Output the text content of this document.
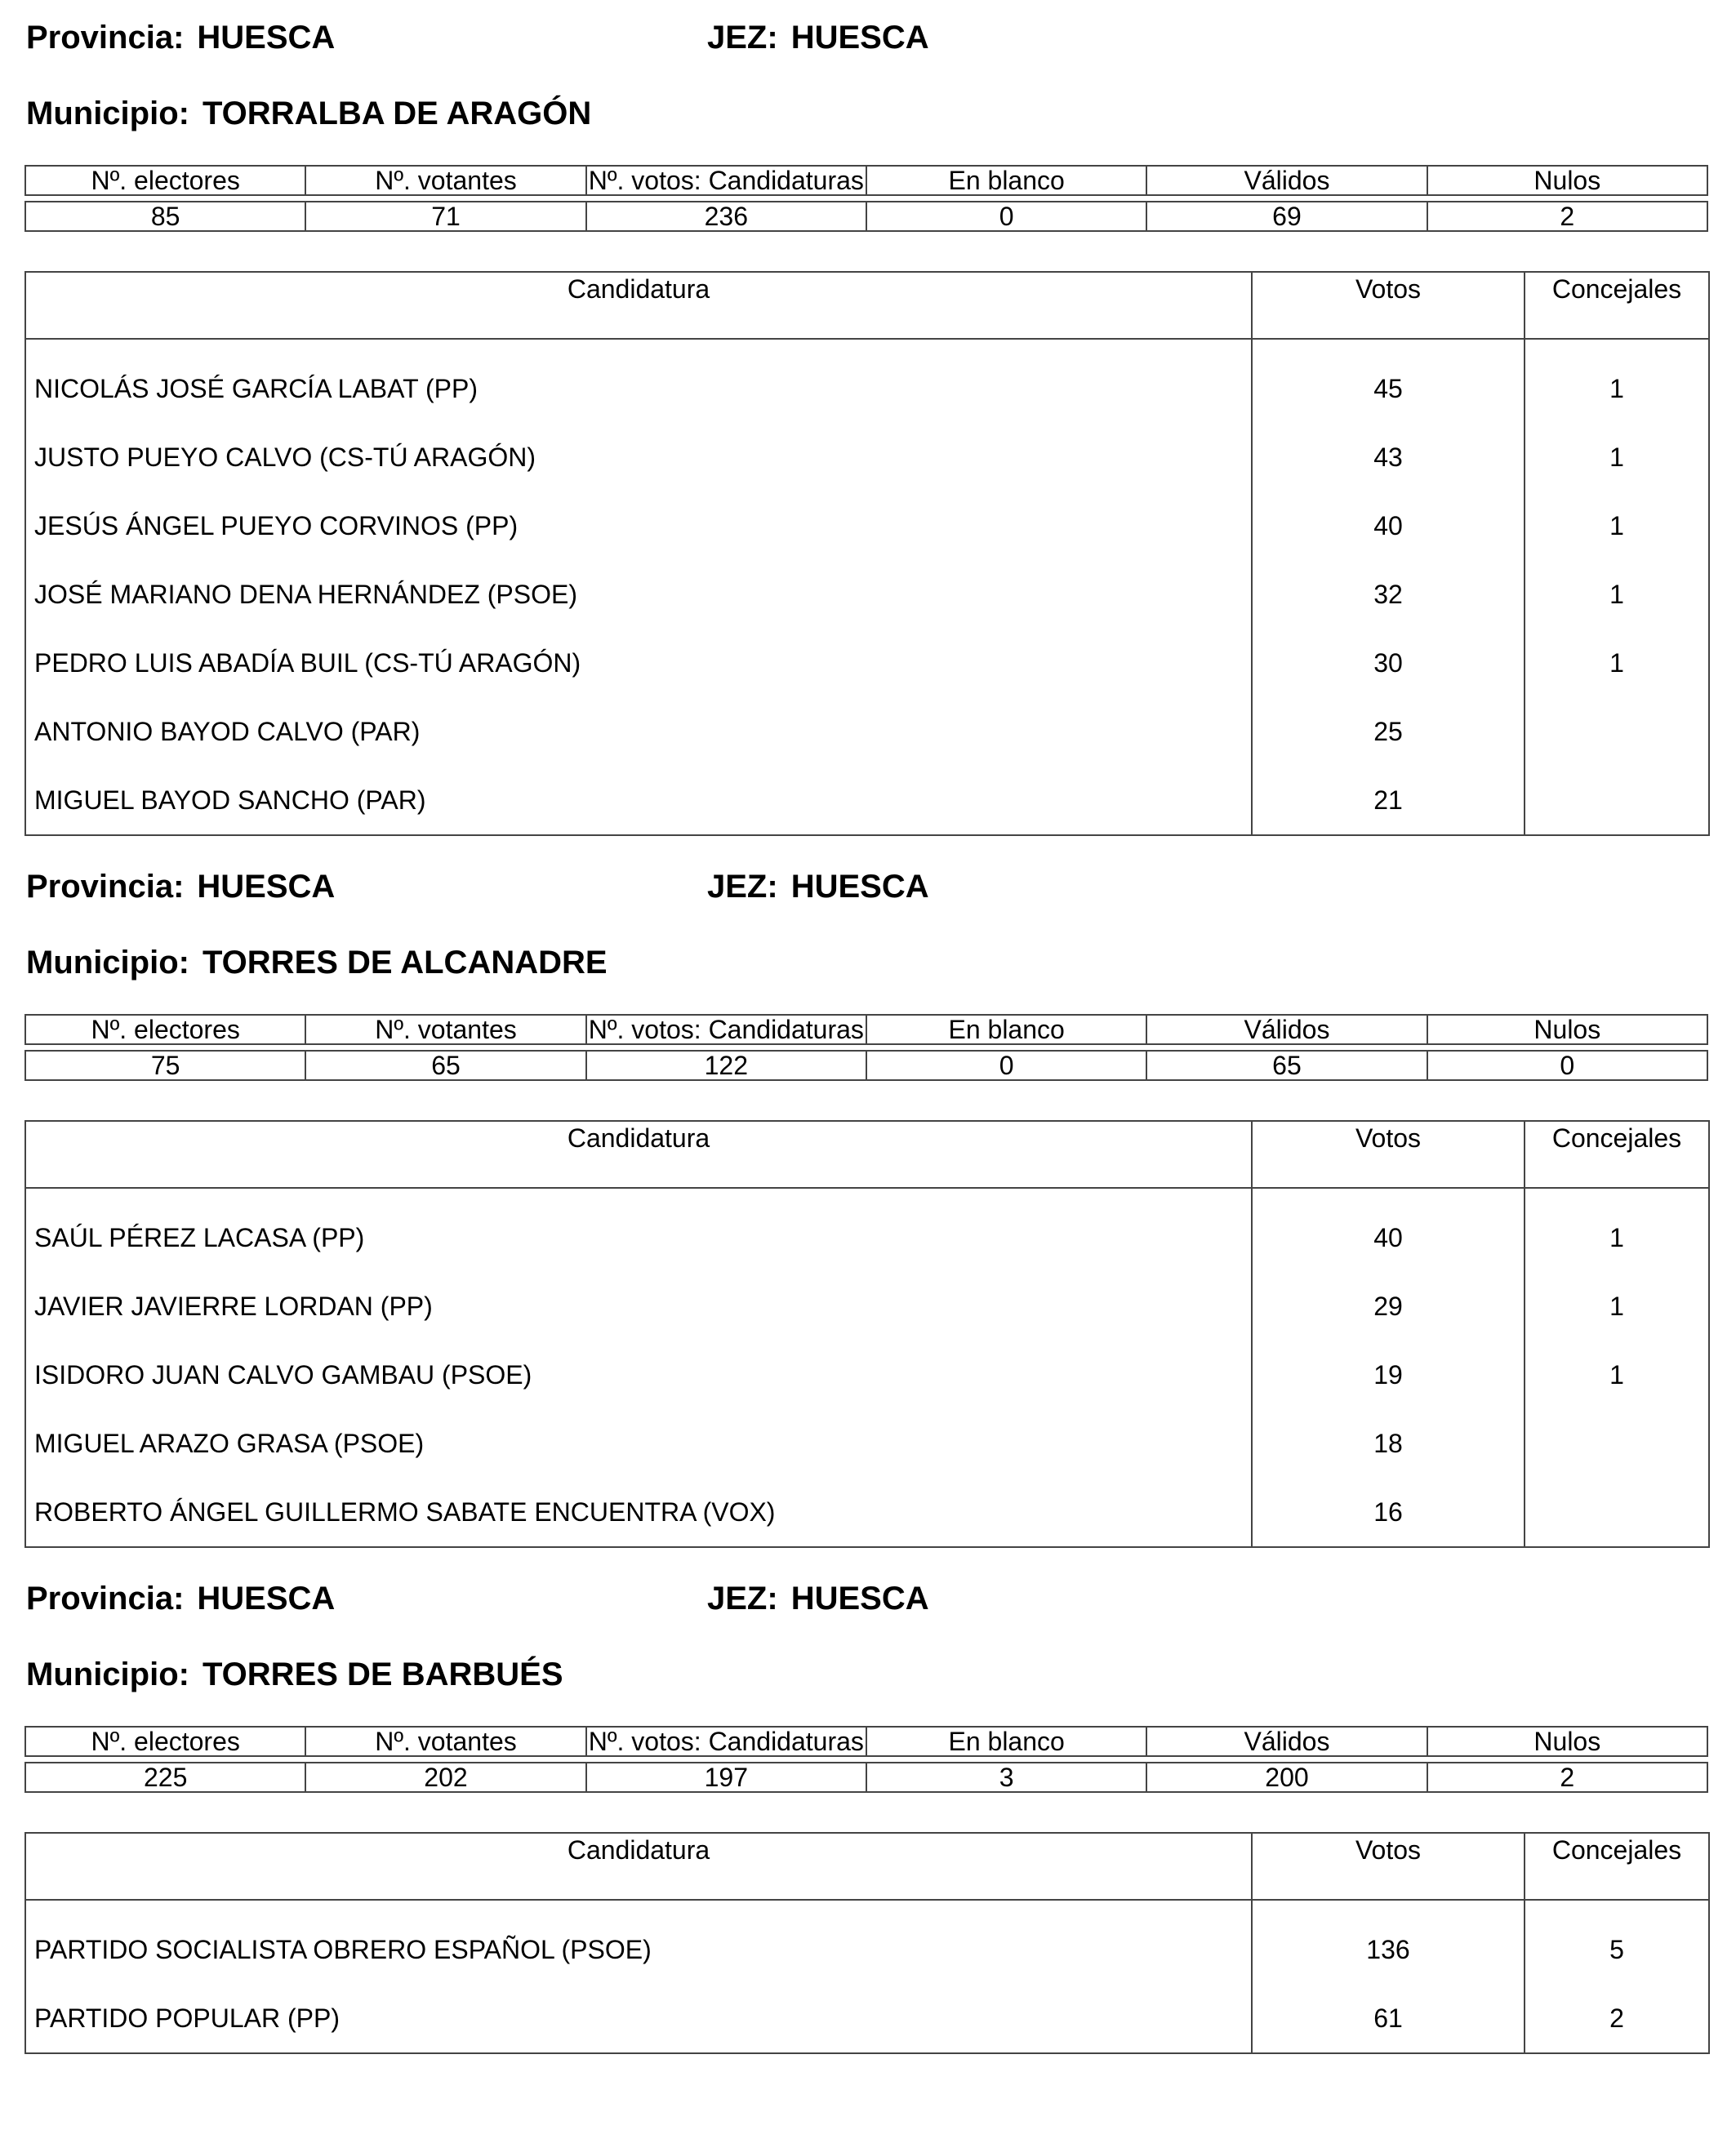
Provincia: HUESCA	JEZ: HUESCA
Municipio: TORRALBA DE ARAGÓN
Nº. electores	Nº. votantes	Nº. votos: Candidaturas	En blanco	Válidos	Nulos

85	71	236	0	69	2
Candidatura	Votos	Concejales

NICOLÁS JOSÉ GARCÍA LABAT (PP)	45	1
JUSTO PUEYO CALVO (CS-TÚ ARAGÓN)	43	1
JESÚS ÁNGEL PUEYO CORVINOS (PP)	40	1
JOSÉ MARIANO DENA HERNÁNDEZ (PSOE)	32	1
PEDRO LUIS ABADÍA BUIL (CS-TÚ ARAGÓN)	30	1
ANTONIO BAYOD CALVO (PAR)	25	
MIGUEL BAYOD SANCHO (PAR)	21	
Provincia: HUESCA	JEZ: HUESCA
Municipio: TORRES DE ALCANADRE
Nº. electores	Nº. votantes	Nº. votos: Candidaturas	En blanco	Válidos	Nulos

75	65	122	0	65	0
Candidatura	Votos	Concejales

SAÚL PÉREZ LACASA (PP)	40	1
JAVIER JAVIERRE LORDAN (PP)	29	1
ISIDORO JUAN CALVO GAMBAU (PSOE)	19	1
MIGUEL ARAZO GRASA (PSOE)	18	
ROBERTO ÁNGEL GUILLERMO SABATE ENCUENTRA (VOX)	16	
Provincia: HUESCA	JEZ: HUESCA
Municipio: TORRES DE BARBUÉS
Nº. electores	Nº. votantes	Nº. votos: Candidaturas	En blanco	Válidos	Nulos

225	202	197	3	200	2
Candidatura	Votos	Concejales

PARTIDO SOCIALISTA OBRERO ESPAÑOL (PSOE)	136	5
PARTIDO POPULAR (PP)	61	2
